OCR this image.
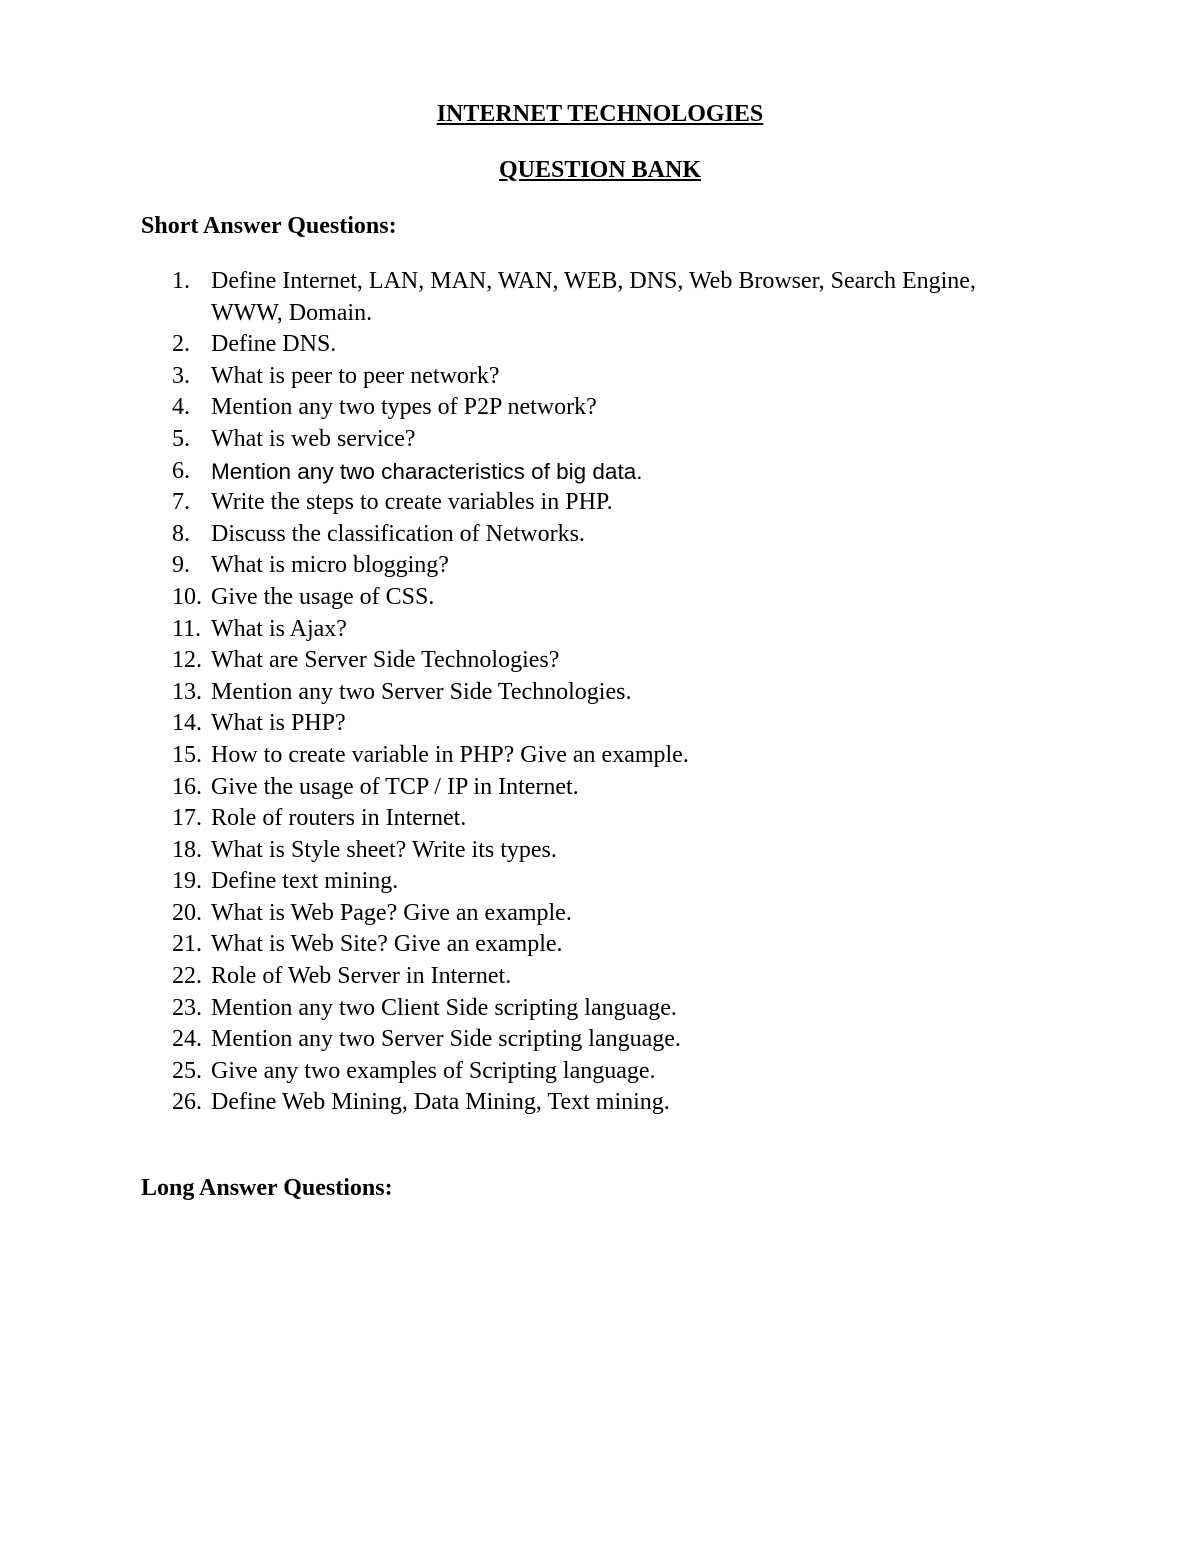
INTERNET TECHNOLOGIES
QUESTION BANK
Short Answer Questions:
1. Define Internet, LAN, MAN, WAN, WEB, DNS, Web Browser, Search Engine, WWW, Domain.
2. Define DNS.
3. What is peer to peer network?
4. Mention any two types of P2P network?
5. What is web service?
6. Mention any two characteristics of big data.
7. Write the steps to create variables in PHP.
8. Discuss the classification of Networks.
9. What is micro blogging?
10. Give the usage of CSS.
11. What is Ajax?
12. What are Server Side Technologies?
13. Mention any two Server Side Technologies.
14. What is PHP?
15. How to create variable in PHP? Give an example.
16. Give the usage of TCP / IP in Internet.
17. Role of routers in Internet.
18. What is Style sheet? Write its types.
19. Define text mining.
20. What is Web Page? Give an example.
21. What is Web Site? Give an example.
22. Role of Web Server in Internet.
23. Mention any two Client Side scripting language.
24. Mention any two Server Side scripting language.
25. Give any two examples of Scripting language.
26. Define Web Mining, Data Mining, Text mining.
Long Answer Questions:
